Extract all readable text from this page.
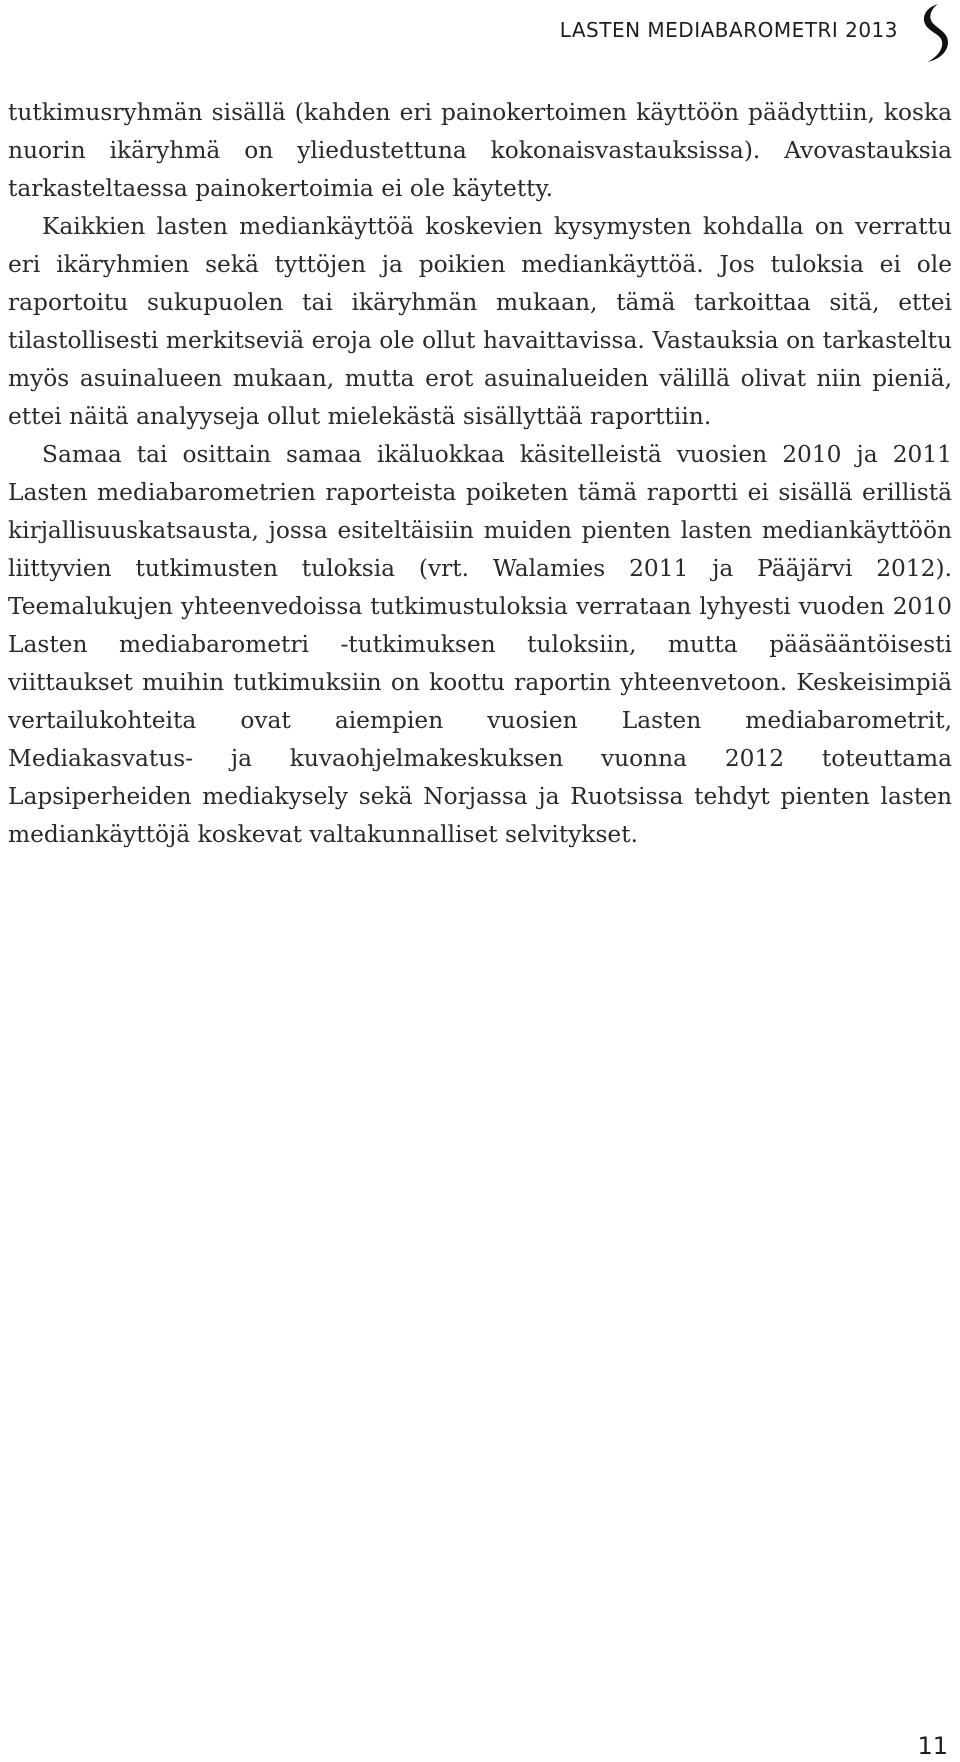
LASTEN MEDIABAROMETRI 2013

tutkimusryhmän sisällä (kahden eri painokertoimen käyttöön päädyttiin, koska nuorin ikäryhmä on yliedustettuna kokonaisvastauksissa). Avovastauksia tarkasteltaessa painokertoimia ei ole käytetty.

Kaikkien lasten mediankäyttöä koskevien kysymysten kohdalla on verrattu eri ikäryhmien sekä tyttöjen ja poikien mediankäyttöä. Jos tuloksia ei ole raportoitu sukupuolen tai ikäryhmän mukaan, tämä tarkoittaa sitä, ettei tilastollisesti merkitseviä eroja ole ollut havaittavissa. Vastauksia on tarkasteltu myös asuinalueen mukaan, mutta erot asuinalueiden välillä olivat niin pieniä, ettei näitä analyyseja ollut mielekästä sisällyttää raporttiin.

Samaa tai osittain samaa ikäluokkaa käsitelleistä vuosien 2010 ja 2011 Lasten mediabarometrien raporteista poiketen tämä raportti ei sisällä erillistä kirjallisuuskatsausta, jossa esiteltäisiin muiden pienten lasten mediankäyttöön liittyvien tutkimusten tuloksia (vrt. Walamies 2011 ja Pääjärvi 2012). Teemalukujen yhteenvedoissa tutkimustuloksia verrataan lyhyesti vuoden 2010 Lasten mediabarometri -tutkimuksen tuloksiin, mutta pääsääntöisesti viittaukset muihin tutkimuksiin on koottu raportin yhteenvetoon. Keskeisimpiä vertailukohteita ovat aiempien vuosien Lasten mediabarometrit, Mediakasvatus- ja kuvaohjelmakeskuksen vuonna 2012 toteuttama Lapsiperheiden mediakysely sekä Norjassa ja Ruotsissa tehdyt pienten lasten mediankäyttöjä koskevat valtakunnalliset selvitykset.

11
